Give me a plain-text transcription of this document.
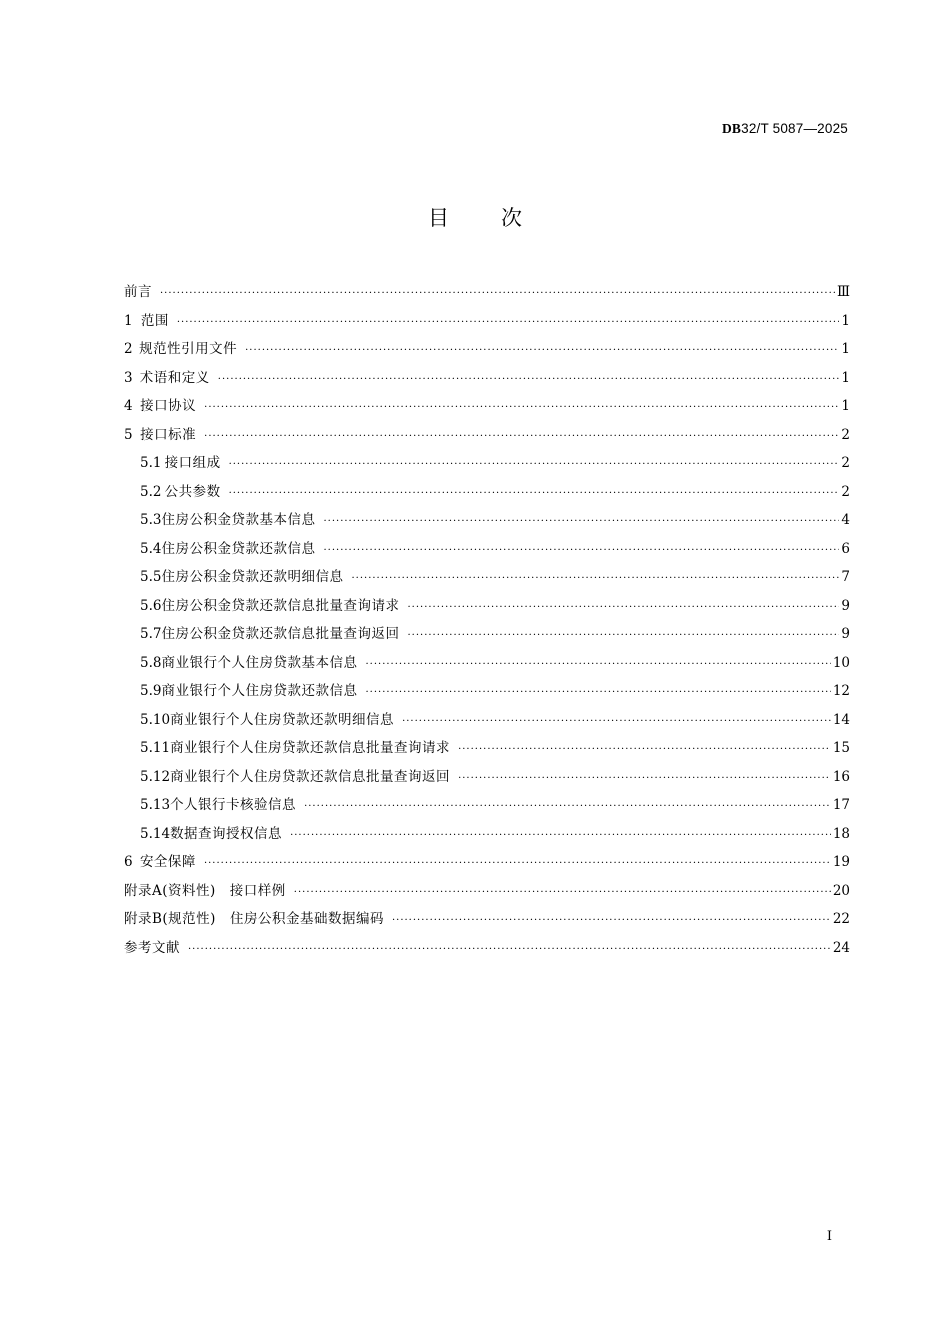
DB32/T 5087—2025
目次
前言 ·····	Ⅲ
1 范围 ·····	1
2 规范性引用文件 ·····	1
3 术语和定义 ·····	1
4 接口协议 ·····	1
5 接口标准 ·····	2
5.1 接口组成 ·····	2
5.2 公共参数 ·····	2
5.3 住房公积金贷款基本信息 ·····	4
5.4 住房公积金贷款还款信息 ·····	6
5.5 住房公积金贷款还款明细信息 ·····	7
5.6 住房公积金贷款还款信息批量查询请求 ·····	9
5.7 住房公积金贷款还款信息批量查询返回 ·····	9
5.8 商业银行个人住房贷款基本信息 ·····	10
5.9 商业银行个人住房贷款还款信息 ·····	12
5.10 商业银行个人住房贷款还款明细信息 ·····	14
5.11 商业银行个人住房贷款还款信息批量查询请求 ·····	15
5.12 商业银行个人住房贷款还款信息批量查询返回 ·····	16
5.13 个人银行卡核验信息 ·····	17
5.14 数据查询授权信息 ·····	18
6 安全保障 ·····	19
附录A(资料性)　接口样例 ·····	20
附录B(规范性)　住房公积金基础数据编码 ·····	22
参考文献 ·····	24
Ⅰ
